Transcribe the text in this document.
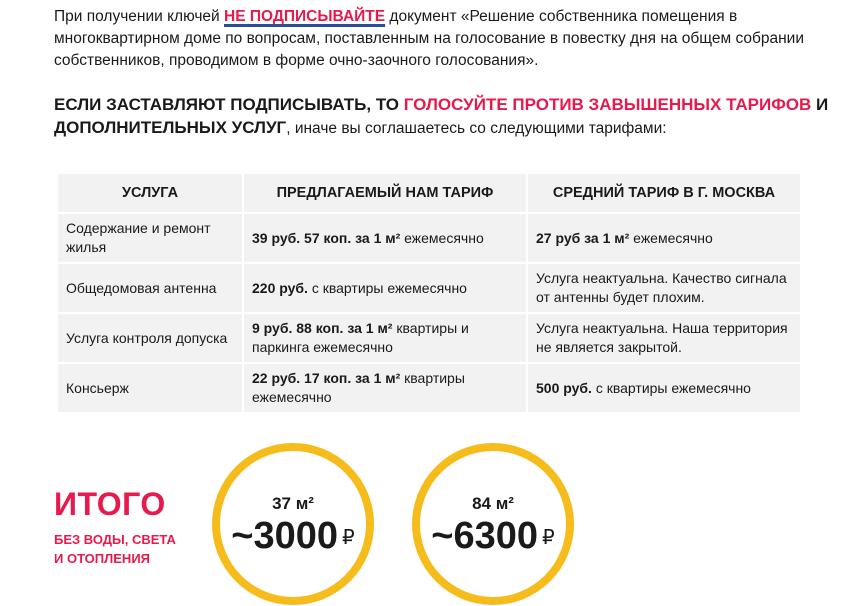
При получении ключей НЕ ПОДПИСЫВАЙТЕ документ «Решение собственника помещения в многоквартирном доме по вопросам, поставленным на голосование в повестку дня на общем собрании собственников, проводимом в форме очно-заочного голосования».

ЕСЛИ ЗАСТАВЛЯЮТ ПОДПИСЫВАТЬ, ТО ГОЛОСУЙТЕ ПРОТИВ ЗАВЫШЕННЫХ ТАРИФОВ И ДОПОЛНИТЕЛЬНЫХ УСЛУГ, иначе вы соглашаетесь со следующими тарифами:

УСЛУГА	ПРЕДЛАГАЕМЫЙ НАМ ТАРИФ	СРЕДНИЙ ТАРИФ В Г. МОСКВА
Содержание и ремонт жилья	39 руб. 57 коп. за 1 м² ежемесячно	27 руб за 1 м² ежемесячно
Общедомовая антенна	220 руб. с квартиры ежемесячно	Услуга неактуальна. Качество сигнала от антенны будет плохим.
Услуга контроля допуска	9 руб. 88 коп. за 1 м² квартиры и паркинга ежемесячно	Услуга неактуальна. Наша территория не является закрытой.
Консьерж	22 руб. 17 коп. за 1 м² квартиры ежемесячно	500 руб. с квартиры ежемесячно
ИТОГО
БЕЗ ВОДЫ, СВЕТА
И ОТОПЛЕНИЯ
37 м²
~3000 ₽
84 м²
~6300 ₽
